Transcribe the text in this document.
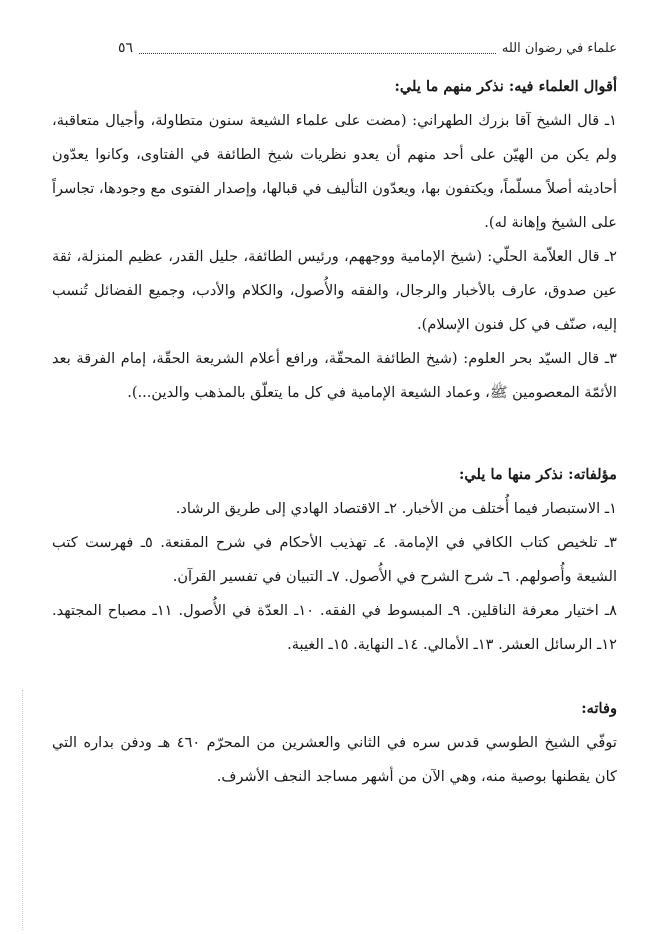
علماء في رضوان الله
٥٦

أقوال العلماء فيه: نذكر منهم ما يلي:

١ـ قال الشيخ آقا بزرك الطهراني: (مضت على علماء الشيعة سنون متطاولة، وأجيال متعاقبة، ولم يكن من الهيّن على أحد منهم أن يعدو نظريات شيخ الطائفة في الفتاوى، وكانوا يعدّون أحاديثه أصلاً مسلّماً، ويكتفون بها، ويعدّون التأليف في قبالها، وإصدار الفتوى مع وجودها، تجاسراً على الشيخ وإهانة له).

٢ـ قال العلاّمة الحلّي: (شيخ الإمامية ووجههم، ورئيس الطائفة، جليل القدر، عظيم المنزلة، ثقة عين صدوق، عارف بالأخبار والرجال، والفقه والأُصول، والكلام والأدب، وجميع الفضائل تُنسب إليه، صنّف في كل فنون الإسلام).

٣ـ قال السيّد بحر العلوم: (شيخ الطائفة المحقّة، ورافع أعلام الشريعة الحقّة، إمام الفرقة بعد الأئمّة المعصومين ﷺ، وعماد الشيعة الإمامية في كل ما يتعلّق بالمذهب والدين...).

مؤلفاته: نذكر منها ما يلي:

١ـ الاستبصار فيما أُختلف من الأخبار. ٢ـ الاقتصاد الهادي إلى طريق الرشاد.

٣ـ تلخيص كتاب الكافي في الإمامة. ٤ـ تهذيب الأحكام في شرح المقنعة. ٥ـ فهرست كتب الشيعة وأُصولهم. ٦ـ شرح الشرح في الأُصول. ٧ـ التبيان في تفسير القرآن.

٨ـ اختيار معرفة الناقلين. ٩ـ المبسوط في الفقه. ١٠ـ العدّة في الأُصول. ١١ـ مصباح المجتهد. ١٢ـ الرسائل العشر. ١٣ـ الأمالي. ١٤ـ النهاية. ١٥ـ الغيبة.

وفاته:

توفّي الشيخ الطوسي قدس سره في الثاني والعشرين من المحرّم ٤٦٠ هـ ودفن بداره التي كان يقطنها بوصية منه، وهي الآن من أشهر مساجد النجف الأشرف.
